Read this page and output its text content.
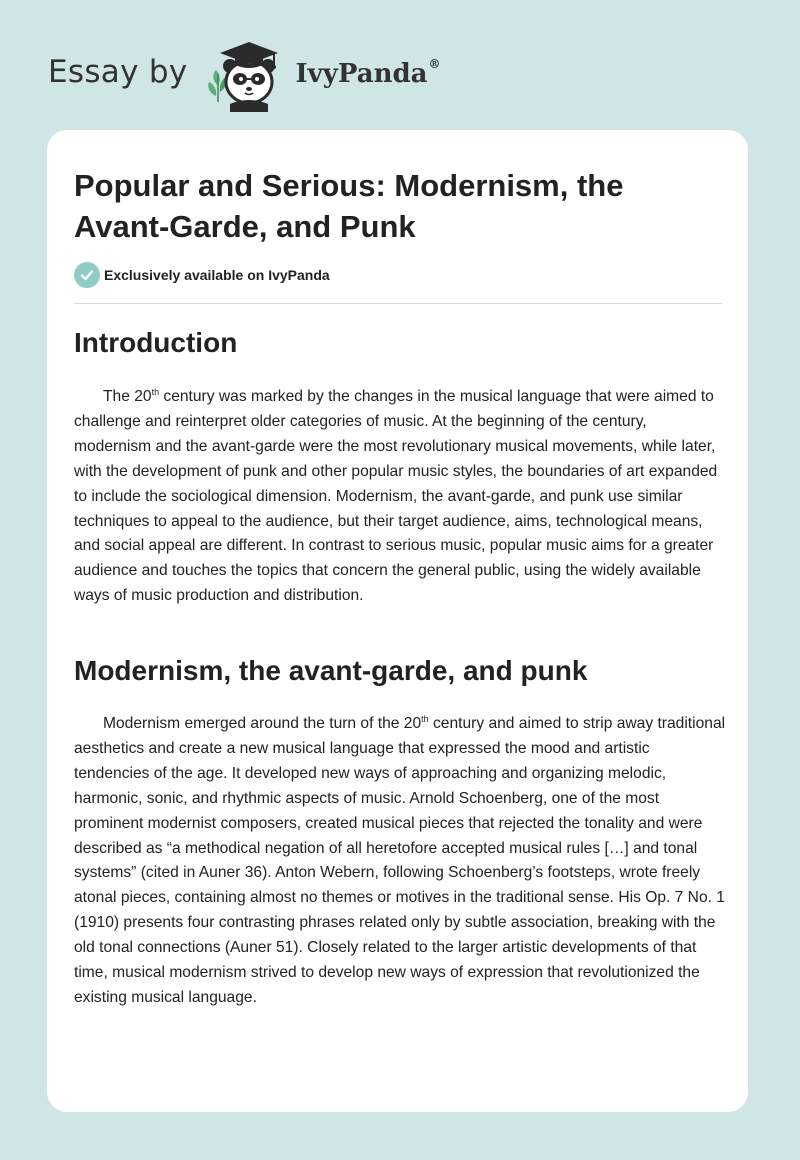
Essay by	IvyPanda®
Popular and Serious: Modernism, the Avant-Garde, and Punk
Exclusively available on IvyPanda
Introduction

The 20th century was marked by the changes in the musical language that were aimed to challenge and reinterpret older categories of music. At the beginning of the century, modernism and the avant-garde were the most revolutionary musical movements, while later, with the development of punk and other popular music styles, the boundaries of art expanded to include the sociological dimension. Modernism, the avant-garde, and punk use similar techniques to appeal to the audience, but their target audience, aims, technological means, and social appeal are different. In contrast to serious music, popular music aims for a greater audience and touches the topics that concern the general public, using the widely available ways of music production and distribution.

Modernism, the avant-garde, and punk

Modernism emerged around the turn of the 20th century and aimed to strip away traditional aesthetics and create a new musical language that expressed the mood and artistic tendencies of the age. It developed new ways of approaching and organizing melodic, harmonic, sonic, and rhythmic aspects of music. Arnold Schoenberg, one of the most prominent modernist composers, created musical pieces that rejected the tonality and were described as “a methodical negation of all heretofore accepted musical rules […] and tonal systems” (cited in Auner 36). Anton Webern, following Schoenberg’s footsteps, wrote freely atonal pieces, containing almost no themes or motives in the traditional sense. His Op. 7 No. 1 (1910) presents four contrasting phrases related only by subtle association, breaking with the old tonal connections (Auner 51). Closely related to the larger artistic developments of that time, musical modernism strived to develop new ways of expression that revolutionized the existing musical language.
